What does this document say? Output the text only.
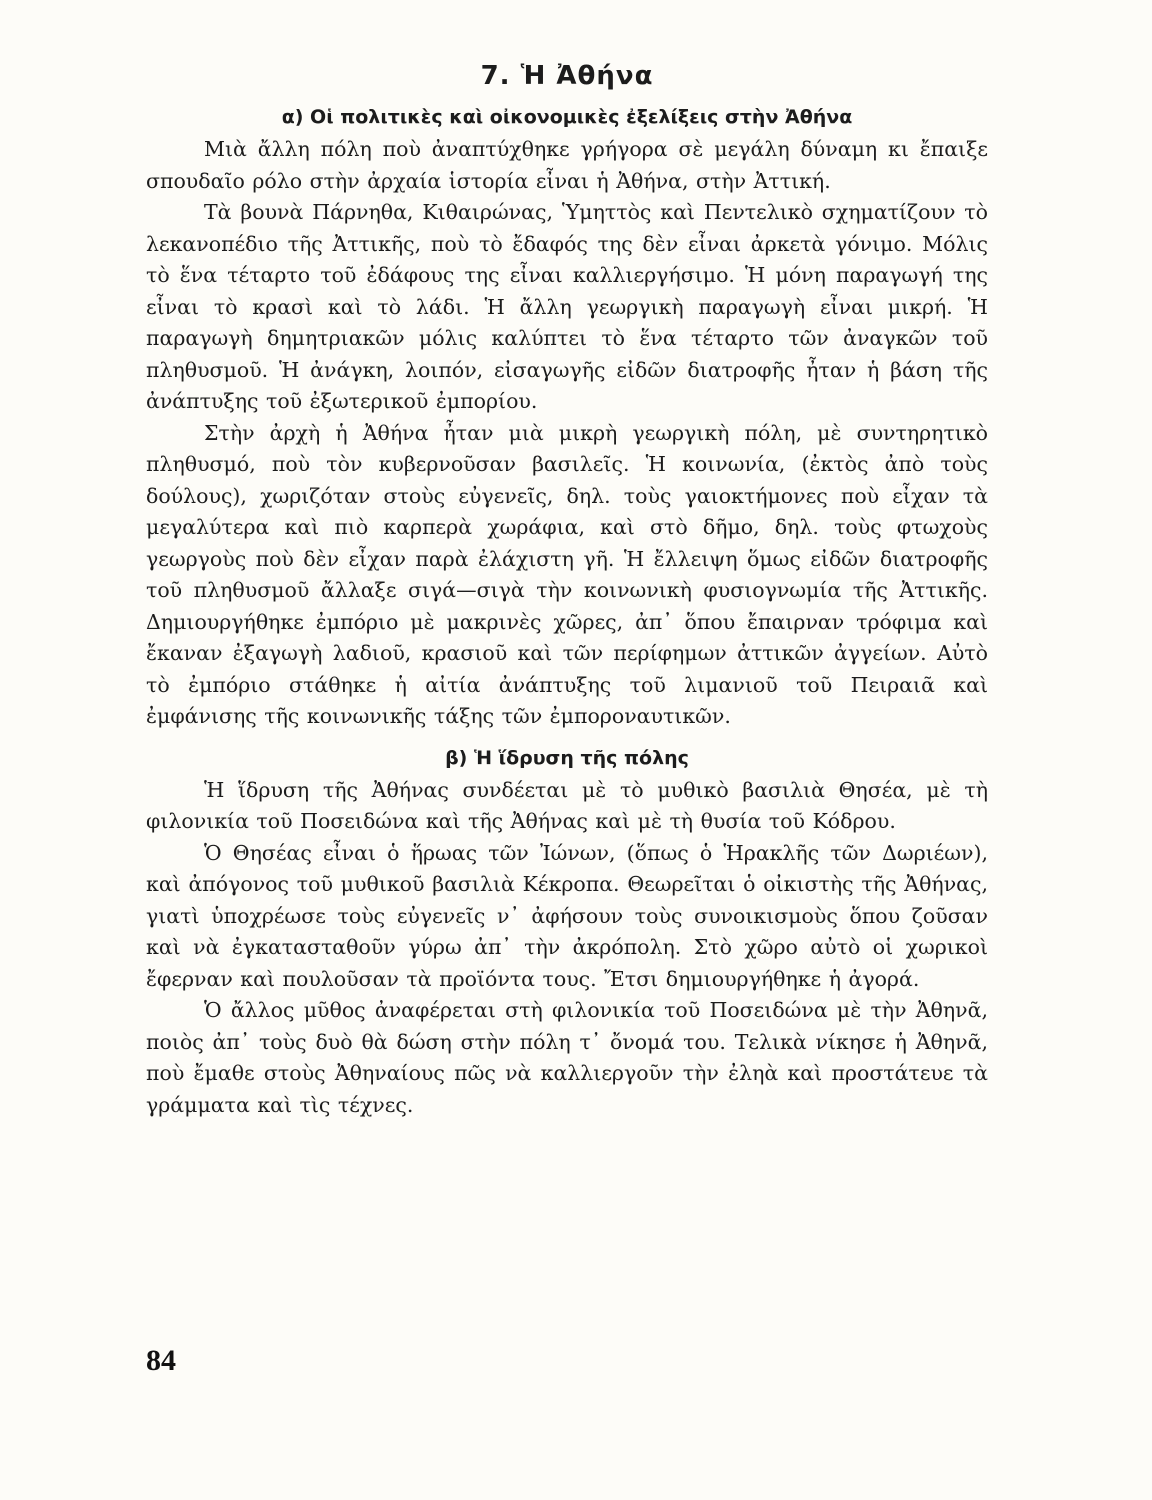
7. Ἡ Ἀθήνα
α) Οἱ πολιτικὲς καὶ οἰκονομικὲς ἐξελίξεις στὴν Ἀθήνα

Μιὰ ἄλλη πόλη ποὺ ἀναπτύχθηκε γρήγορα σὲ μεγάλη δύναμη κι ἔπαιξε σπουδαῖο ρόλο στὴν ἀρχαία ἱστορία εἶναι ἡ Ἀθήνα, στὴν Ἀττική.

Τὰ βουνὰ Πάρνηθα, Κιθαιρώνας, Ὑμηττὸς καὶ Πεντελικὸ σχηματίζουν τὸ λεκανοπέδιο τῆς Ἀττικῆς, ποὺ τὸ ἔδαφός της δὲν εἶναι ἀρκετὰ γόνιμο. Μόλις τὸ ἕνα τέταρτο τοῦ ἐδάφους της εἶναι καλλιεργήσιμο. Ἡ μόνη παραγωγή της εἶναι τὸ κρασὶ καὶ τὸ λάδι. Ἡ ἄλλη γεωργικὴ παραγωγὴ εἶναι μικρή. Ἡ παραγωγὴ δημητριακῶν μόλις καλύπτει τὸ ἕνα τέταρτο τῶν ἀναγκῶν τοῦ πληθυσμοῦ. Ἡ ἀνάγκη, λοιπόν, εἰσαγωγῆς εἰδῶν διατροφῆς ἦταν ἡ βάση τῆς ἀνάπτυξης τοῦ ἐξωτερικοῦ ἐμπορίου.

Στὴν ἀρχὴ ἡ Ἀθήνα ἦταν μιὰ μικρὴ γεωργικὴ πόλη, μὲ συντηρητικὸ πληθυσμό, ποὺ τὸν κυβερνοῦσαν βασιλεῖς. Ἡ κοινωνία, (ἐκτὸς ἀπὸ τοὺς δούλους), χωριζόταν στοὺς εὐγενεῖς, δηλ. τοὺς γαιοκτήμονες ποὺ εἶχαν τὰ μεγαλύτερα καὶ πιὸ καρπερὰ χωράφια, καὶ στὸ δῆμο, δηλ. τοὺς φτωχοὺς γεωργοὺς ποὺ δὲν εἶχαν παρὰ ἐλάχιστη γῆ. Ἡ ἔλλειψη ὅμως εἰδῶν διατροφῆς τοῦ πληθυσμοῦ ἄλλαξε σιγά—σιγὰ τὴν κοινωνικὴ φυσιογνωμία τῆς Ἀττικῆς. Δημιουργήθηκε ἐμπόριο μὲ μακρινὲς χῶρες, ἀπ᾿ ὅπου ἔπαιρναν τρόφιμα καὶ ἔκαναν ἐξαγωγὴ λαδιοῦ, κρασιοῦ καὶ τῶν περίφημων ἀττικῶν ἀγγείων. Αὐτὸ τὸ ἐμπόριο στάθηκε ἡ αἰτία ἀνάπτυξης τοῦ λιμανιοῦ τοῦ Πειραιᾶ καὶ ἐμφάνισης τῆς κοινωνικῆς τάξης τῶν ἐμποροναυτικῶν.

β) Ἡ ἵδρυση τῆς πόλης

Ἡ ἵδρυση τῆς Ἀθήνας συνδέεται μὲ τὸ μυθικὸ βασιλιὰ Θησέα, μὲ τὴ φιλονικία τοῦ Ποσειδώνα καὶ τῆς Ἀθήνας καὶ μὲ τὴ θυσία τοῦ Κόδρου.

Ὁ Θησέας εἶναι ὁ ἥρωας τῶν Ἰώνων, (ὅπως ὁ Ἡρακλῆς τῶν Δωριέων), καὶ ἀπόγονος τοῦ μυθικοῦ βασιλιὰ Κέκροπα. Θεωρεῖται ὁ οἰκιστὴς τῆς Ἀθήνας, γιατὶ ὑποχρέωσε τοὺς εὐγενεῖς ν᾿ ἀφήσουν τοὺς συνοικισμοὺς ὅπου ζοῦσαν καὶ νὰ ἐγκατασταθοῦν γύρω ἀπ᾿ τὴν ἀκρόπολη. Στὸ χῶρο αὐτὸ οἱ χωρικοὶ ἔφερναν καὶ πουλοῦσαν τὰ προϊόντα τους. Ἔτσι δημιουργήθηκε ἡ ἀγορά.

Ὁ ἄλλος μῦθος ἀναφέρεται στὴ φιλονικία τοῦ Ποσειδώνα μὲ τὴν Ἀθηνᾶ, ποιὸς ἀπ᾿ τοὺς δυὸ θὰ δώση στὴν πόλη τ᾿ ὄνομά του. Τελικὰ νίκησε ἡ Ἀθηνᾶ, ποὺ ἔμαθε στοὺς Ἀθηναίους πῶς νὰ καλλιεργοῦν τὴν ἐληὰ καὶ προστάτευε τὰ γράμματα καὶ τὶς τέχνες.

84
